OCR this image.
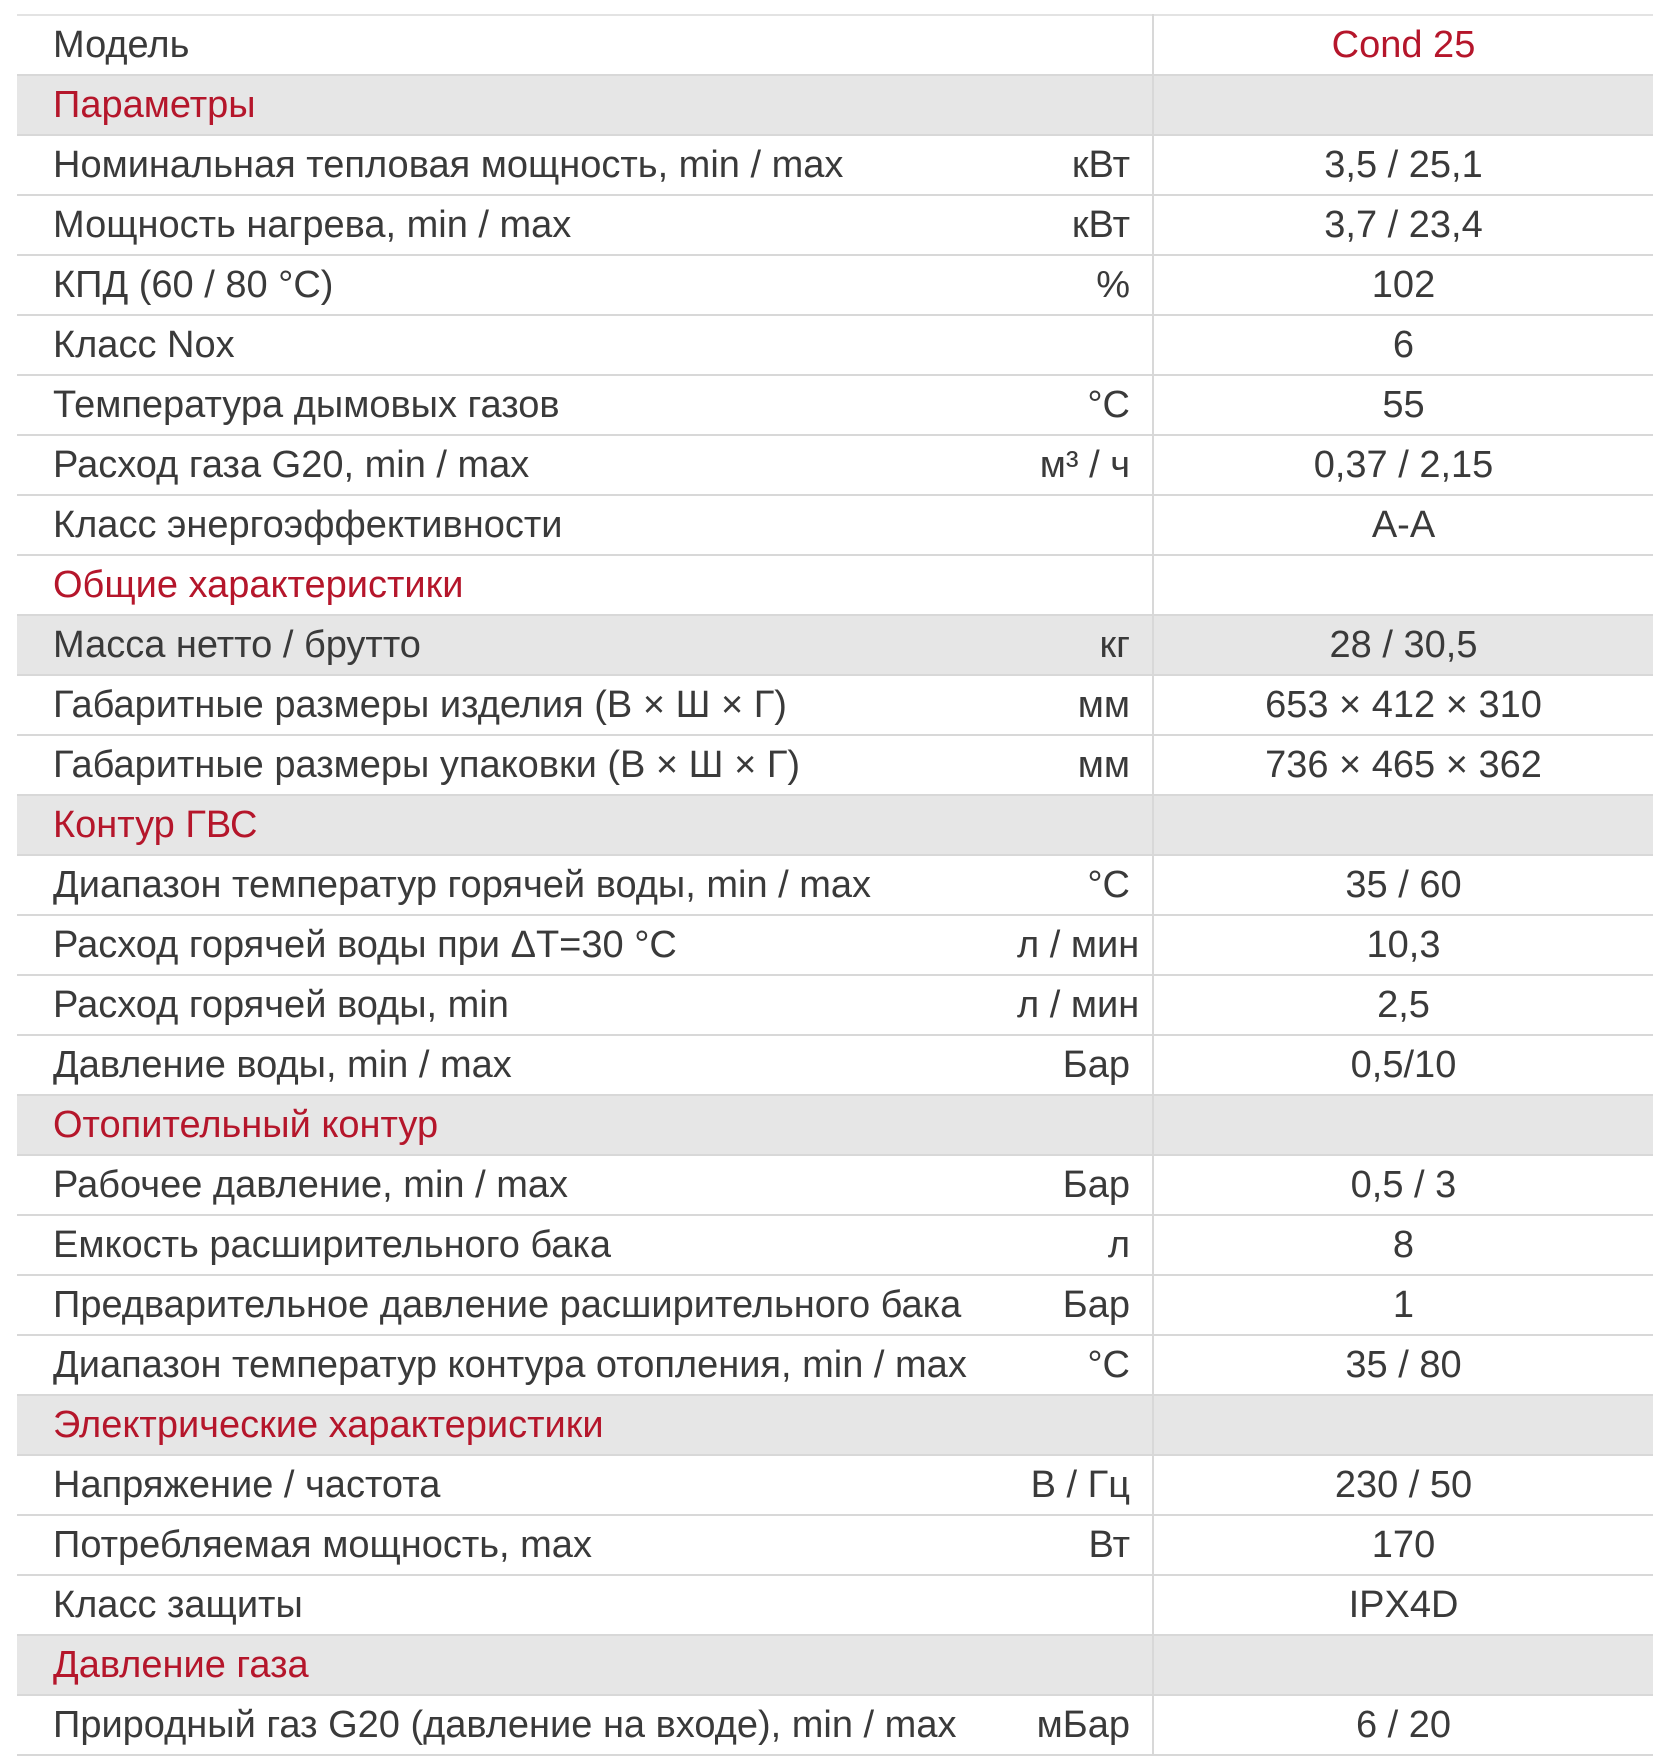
Модель		Cond 25
Параметры		
Номинальная тепловая мощность, min / max	кВт	3,5 / 25,1
Мощность нагрева, min / max	кВт	3,7 / 23,4
КПД (60 / 80 °C)	%	102
Класс Nox		6
Температура дымовых газов	°C	55
Расход газа G20, min / max	м³ / ч	0,37 / 2,15
Класс энергоэффективности		A-A
Общие характеристики		
Масса нетто / брутто	кг	28 / 30,5
Габаритные размеры изделия (В × Ш × Г)	мм	653 × 412 × 310
Габаритные размеры упаковки (В × Ш × Г)	мм	736 × 465 × 362
Контур ГВС		
Диапазон температур горячей воды, min / max	°C	35 / 60
Расход горячей воды при ΔT=30 °C	л / мин	10,3
Расход горячей воды, min	л / мин	2,5
Давление воды, min / max	Бар	0,5/10
Отопительный контур		
Рабочее давление, min / max	Бар	0,5 / 3
Емкость расширительного бака	л	8
Предварительное давление расширительного бака	Бар	1
Диапазон температур контура отопления, min / max	°C	35 / 80
Электрические характеристики		
Напряжение / частота	В / Гц	230 / 50
Потребляемая мощность, max	Вт	170
Класс защиты		IPX4D
Давление газа		
Природный газ G20 (давление на входе), min / max	мБар	6 / 20
